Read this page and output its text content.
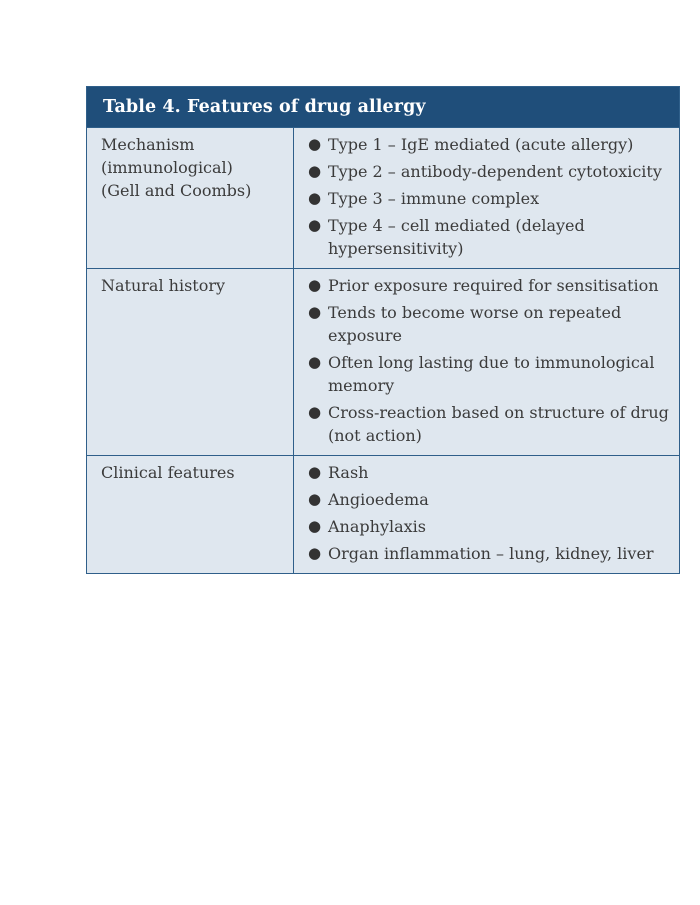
Table 4. Features of drug allergy
Mechanism
(immunological)
(Gell and Coombs)
● Type 1 – IgE mediated (acute allergy)
● Type 2 – antibody-dependent cytotoxicity
● Type 3 – immune complex
● Type 4 – cell mediated (delayed hypersensitivity)
Natural history	● Prior exposure required for sensitisation
● Tends to become worse on repeated exposure
● Often long lasting due to immunological memory
● Cross-reaction based on structure of drug (not action)
Clinical features	● Rash
● Angioedema
● Anaphylaxis
● Organ inflammation – lung, kidney, liver
